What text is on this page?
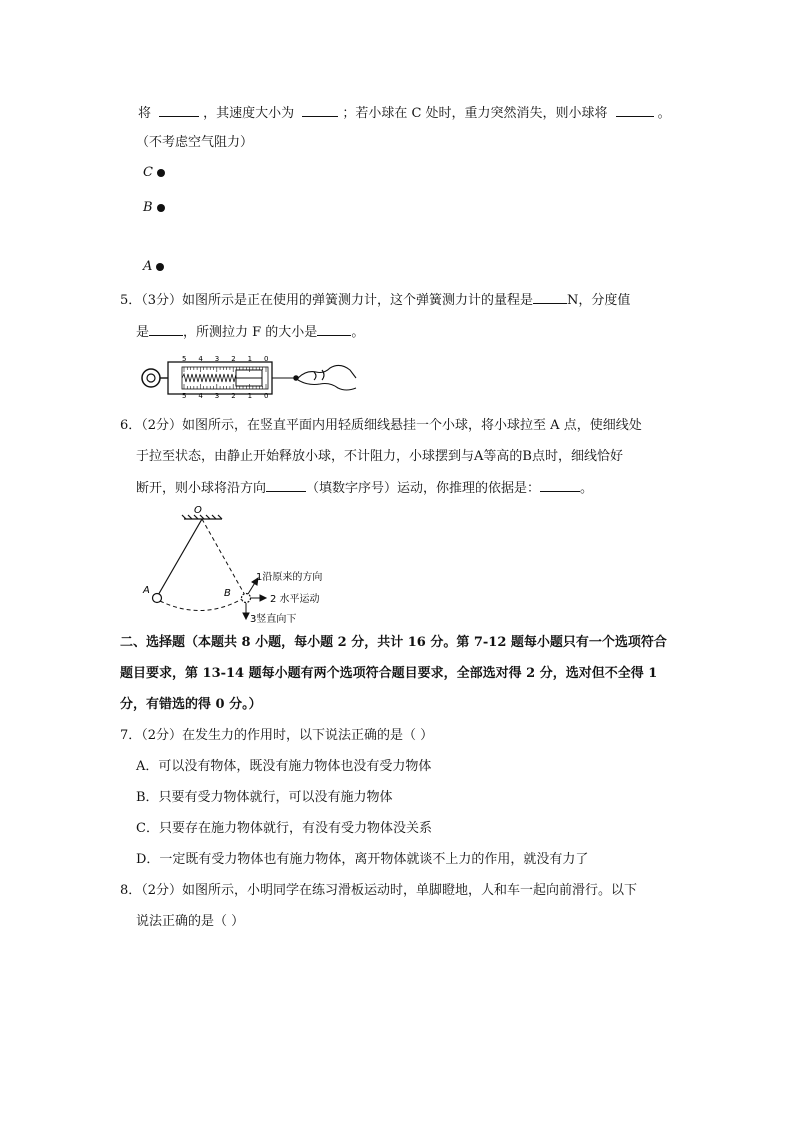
将	，其速度大小为	；若小球在 C 处时，重力突然消失，则小球将	。
（不考虑空气阻力）
C
B
A
5．（3分）如图所示是正在使用的弹簧测力计，这个弹簧测力计的量程是	N，分度值
是	，所测拉力 F 的大小是	。
0
1
2
3
4
5
0
1
2
3
4
5
6．（2分）如图所示，在竖直平面内用轻质细线悬挂一个小球，将小球拉至 A 点，使细线处
于拉至状态，由静止开始释放小球，不计阻力，小球摆到与A等高的B点时，细线恰好
断开，则小球将沿方向	（填数字序号）运动，你推理的依据是：	。
O
A	B
1沿原来的方向
2 水平运动
3竖直向下
二、选择题（本题共 8 小题，每小题 2 分，共计 16 分。第 7-12 题每小题只有一个选项符合
题目要求，第 13-14 题每小题有两个选项符合题目要求，全部选对得 2 分，选对但不全得 1
分，有错选的得 0 分。）
7．（2分）在发生力的作用时，以下说法正确的是（ ）
A．可以没有物体，既没有施力物体也没有受力物体
B．只要有受力物体就行，可以没有施力物体
C．只要存在施力物体就行，有没有受力物体没关系
D．一定既有受力物体也有施力物体，离开物体就谈不上力的作用，就没有力了
8．（2分）如图所示，小明同学在练习滑板运动时，单脚瞪地，人和车一起向前滑行。以下
说法正确的是（ ）
